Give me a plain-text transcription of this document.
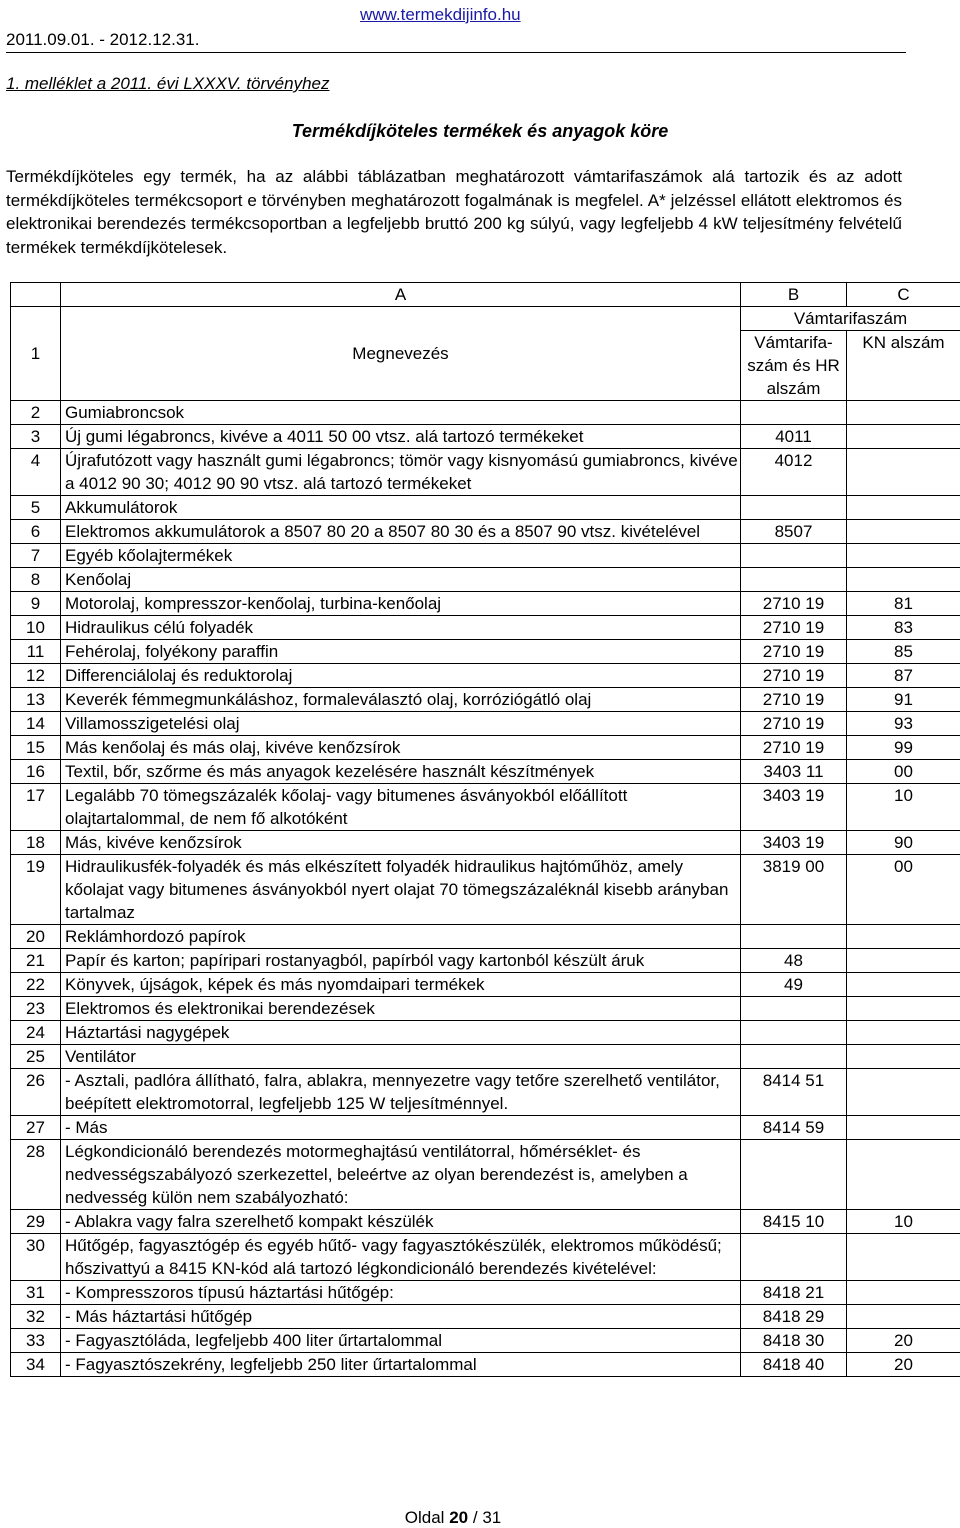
2011.09.01. - 2012.12.31.
www.termekdijinfo.hu
1. melléklet a 2011. évi LXXXV. törvényhez
Termékdíjköteles termékek és anyagok köre
Termékdíjköteles egy termék, ha az alábbi táblázatban meghatározott vámtarifaszámok alá tartozik és az adott termékdíjköteles termékcsoport e törvényben meghatározott fogalmának is megfelel. A* jelzéssel ellátott elektromos és elektronikai berendezés termékcsoportban a legfeljebb bruttó 200 kg súlyú, vagy legfeljebb 4 kW teljesítmény felvételű termékek termékdíjkötelesek.
	A	B	C
1	Megnevezés	Vámtarifaszám	
		Vámtarifa-szám és HR alszám	KN alszám
2	Gumiabroncsok		
3	Új gumi légabroncs, kivéve a 4011 50 00 vtsz. alá tartozó termékeket	4011	
4	Újrafutózott vagy használt gumi légabroncs; tömör vagy kisnyomású gumiabroncs, kivéve a 4012 90 30; 4012 90 90 vtsz. alá tartozó termékeket	4012	
5	Akkumulátorok		
6	Elektromos akkumulátorok a 8507 80 20 a 8507 80 30 és a 8507 90 vtsz. kivételével	8507	
7	Egyéb kőolajtermékek		
8	Kenőolaj		
9	Motorolaj, kompresszor-kenőolaj, turbina-kenőolaj	2710 19	81
10	Hidraulikus célú folyadék	2710 19	83
11	Fehérolaj, folyékony paraffin	2710 19	85
12	Differenciálolaj és reduktorolaj	2710 19	87
13	Keverék fémmegmunkáláshoz, formaleválasztó olaj, korróziógátló olaj	2710 19	91
14	Villamosszigetelési olaj	2710 19	93
15	Más kenőolaj és más olaj, kivéve kenőzsírok	2710 19	99
16	Textil, bőr, szőrme és más anyagok kezelésére használt készítmények	3403 11	00
17	Legalább 70 tömegszázalék kőolaj- vagy bitumenes ásványokból előállított olajtartalommal, de nem fő alkotóként	3403 19	10
18	Más, kivéve kenőzsírok	3403 19	90
19	Hidraulikusfék-folyadék és más elkészített folyadék hidraulikus hajtóműhöz, amely kőolajat vagy bitumenes ásványokból nyert olajat 70 tömegszázaléknál kisebb arányban tartalmaz	3819 00	00
20	Reklámhordozó papírok		
21	Papír és karton; papíripari rostanyagból, papírból vagy kartonból készült áruk	48	
22	Könyvek, újságok, képek és más nyomdaipari termékek	49	
23	Elektromos és elektronikai berendezések		
24	Háztartási nagygépek		
25	Ventilátor		
26	- Asztali, padlóra állítható, falra, ablakra, mennyezetre vagy tetőre szerelhető ventilátor, beépített elektromotorral, legfeljebb 125 W teljesítménnyel.	8414 51	
27	- Más	8414 59	
28	Légkondicionáló berendezés motormeghajtású ventilátorral, hőmérséklet- és nedvességszabályozó szerkezettel, beleértve az olyan berendezést is, amelyben a nedvesség külön nem szabályozható:		
29	- Ablakra vagy falra szerelhető kompakt készülék	8415 10	10
30	Hűtőgép, fagyasztógép és egyéb hűtő- vagy fagyasztókészülék, elektromos működésű; hőszivattyú a 8415 KN-kód alá tartozó légkondicionáló berendezés kivételével:		
31	- Kompresszoros típusú háztartási hűtőgép:	8418 21	
32	- Más háztartási hűtőgép	8418 29	
33	- Fagyasztóláda, legfeljebb 400 liter űrtartalommal	8418 30	20
34	- Fagyasztószekrény, legfeljebb 250 liter űrtartalommal	8418 40	20
Oldal 20 / 31
